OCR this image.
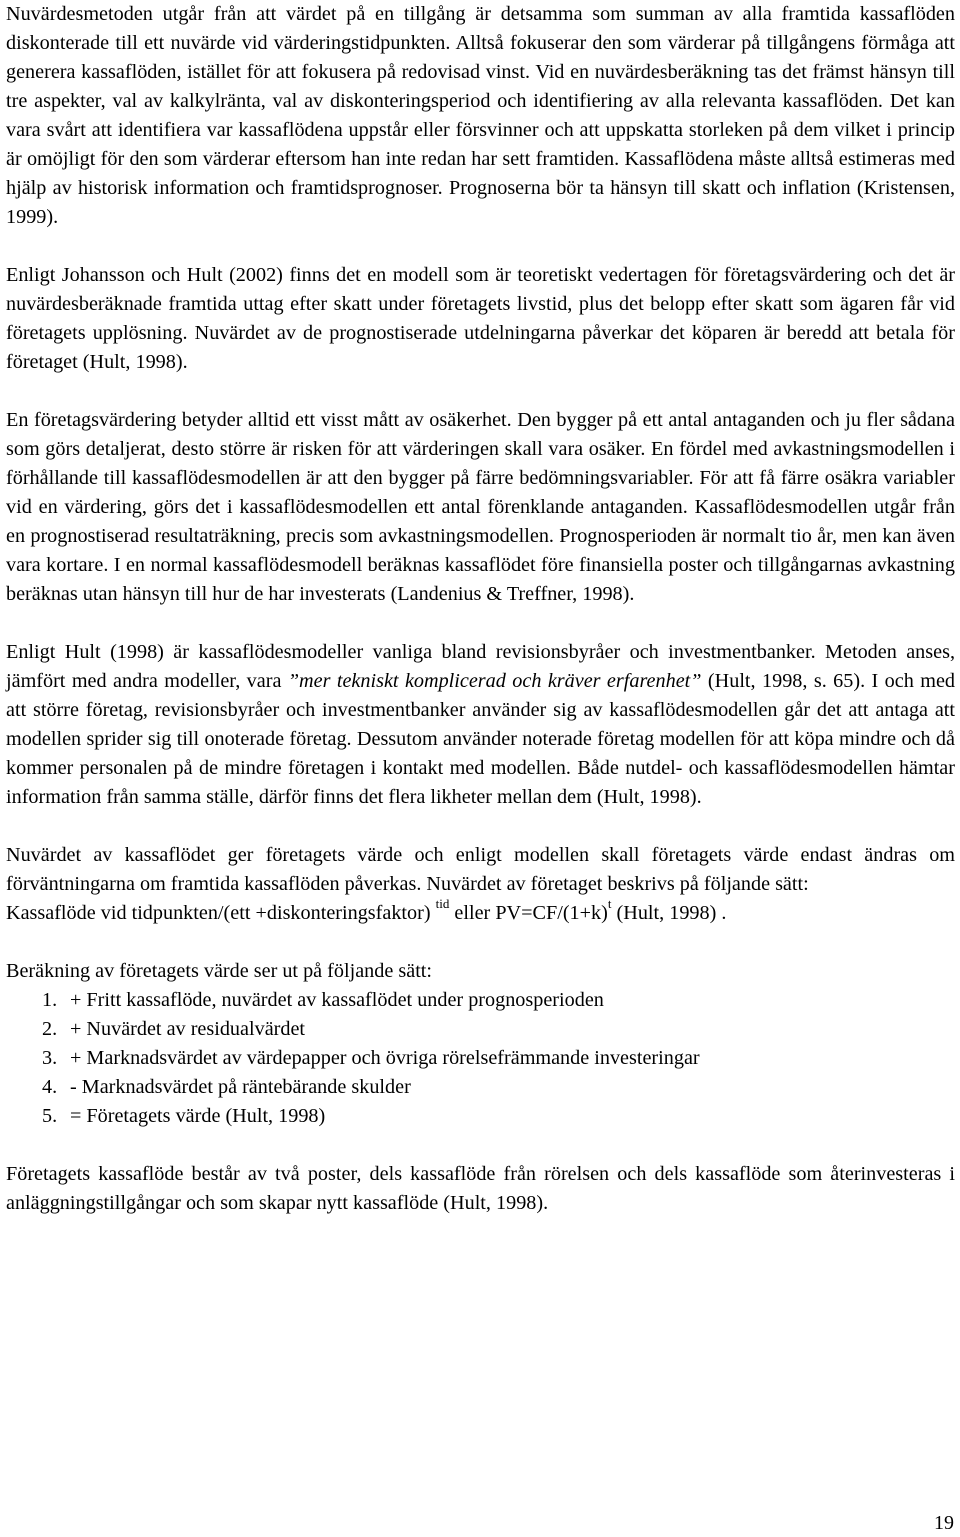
Nuvärdesmetoden utgår från att värdet på en tillgång är detsamma som summan av alla framtida kassaflöden diskonterade till ett nuvärde vid värderingstidpunkten. Alltså fokuserar den som värderar på tillgångens förmåga att generera kassaflöden, istället för att fokusera på redovisad vinst. Vid en nuvärdesberäkning tas det främst hänsyn till tre aspekter, val av kalkylränta, val av diskonteringsperiod och identifiering av alla relevanta kassaflöden. Det kan vara svårt att identifiera var kassaflödena uppstår eller försvinner och att uppskatta storleken på dem vilket i princip är omöjligt för den som värderar eftersom han inte redan har sett framtiden. Kassaflödena måste alltså estimeras med hjälp av historisk information och framtidsprognoser. Prognoserna bör ta hänsyn till skatt och inflation (Kristensen, 1999).

Enligt Johansson och Hult (2002) finns det en modell som är teoretiskt vedertagen för företagsvärdering och det är nuvärdesberäknade framtida uttag efter skatt under företagets livstid, plus det belopp efter skatt som ägaren får vid företagets upplösning. Nuvärdet av de prognostiserade utdelningarna påverkar det köparen är beredd att betala för företaget (Hult, 1998).

En företagsvärdering betyder alltid ett visst mått av osäkerhet. Den bygger på ett antal antaganden och ju fler sådana som görs detaljerat, desto större är risken för att värderingen skall vara osäker. En fördel med avkastningsmodellen i förhållande till kassaflödesmodellen är att den bygger på färre bedömningsvariabler. För att få färre osäkra variabler vid en värdering, görs det i kassaflödesmodellen ett antal förenklande antaganden. Kassaflödesmodellen utgår från en prognostiserad resultaträkning, precis som avkastningsmodellen. Prognosperioden är normalt tio år, men kan även vara kortare. I en normal kassaflödesmodell beräknas kassaflödet före finansiella poster och tillgångarnas avkastning beräknas utan hänsyn till hur de har investerats (Landenius & Treffner, 1998).

Enligt Hult (1998) är kassaflödesmodeller vanliga bland revisionsbyråer och investmentbanker. Metoden anses, jämfört med andra modeller, vara ”mer tekniskt komplicerad och kräver erfarenhet” (Hult, 1998, s. 65). I och med att större företag, revisionsbyråer och investmentbanker använder sig av kassaflödesmodellen går det att antaga att modellen sprider sig till onoterade företag. Dessutom använder noterade företag modellen för att köpa mindre och då kommer personalen på de mindre företagen i kontakt med modellen. Både nutdel- och kassaflödesmodellen hämtar information från samma ställe, därför finns det flera likheter mellan dem (Hult, 1998).

Nuvärdet av kassaflödet ger företagets värde och enligt modellen skall företagets värde endast ändras om förväntningarna om framtida kassaflöden påverkas. Nuvärdet av företaget beskrivs på följande sätt:

Kassaflöde vid tidpunkten/(ett +diskonteringsfaktor) $^{tid}$ eller $PV=CF/(1+k)^t$ (Hult, 1998) .

Beräkning av företagets värde ser ut på följande sätt:

1. + Fritt kassaflöde, nuvärdet av kassaflödet under prognosperioden
2. + Nuvärdet av residualvärdet
3. + Marknadsvärdet av värdepapper och övriga rörelsefrämmande investeringar
4. - Marknadsvärdet på räntebärande skulder
5. = Företagets värde (Hult, 1998)

Företagets kassaflöde består av två poster, dels kassaflöde från rörelsen och dels kassaflöde som återinvesteras i anläggningstillgångar och som skapar nytt kassaflöde (Hult, 1998).

19
